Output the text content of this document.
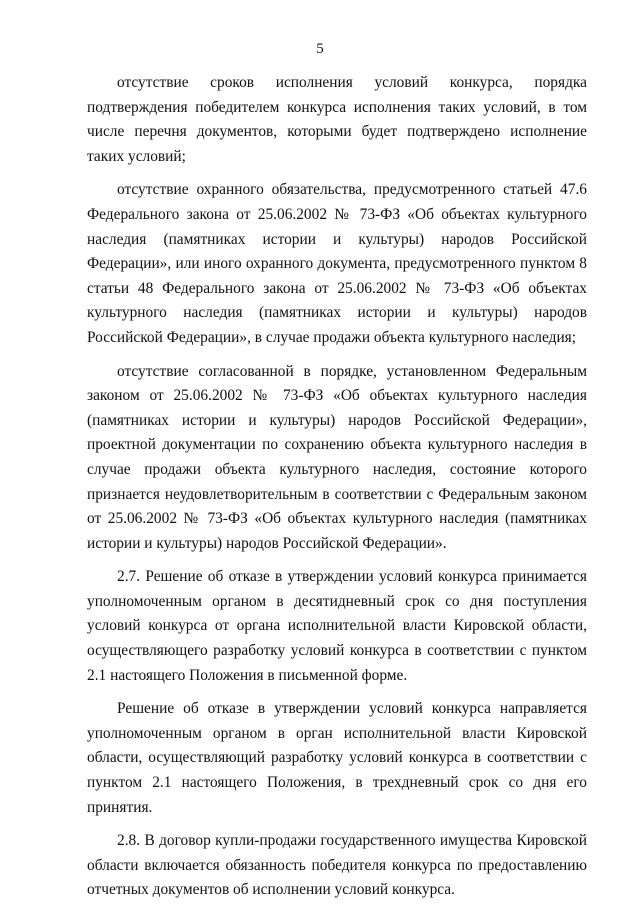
5

отсутствие сроков исполнения условий конкурса, порядка подтверждения победителем конкурса исполнения таких условий, в том числе перечня документов, которыми будет подтверждено исполнение таких условий;

отсутствие охранного обязательства, предусмотренного статьей 47.6 Федерального закона от 25.06.2002 № 73-ФЗ «Об объектах культурного наследия (памятниках истории и культуры) народов Российской Федерации», или иного охранного документа, предусмотренного пунктом 8 статьи 48 Федерального закона от 25.06.2002 № 73-ФЗ «Об объектах культурного наследия (памятниках истории и культуры) народов Российской Федерации», в случае продажи объекта культурного наследия;

отсутствие согласованной в порядке, установленном Федеральным законом от 25.06.2002 № 73-ФЗ «Об объектах культурного наследия (памятниках истории и культуры) народов Российской Федерации», проектной документации по сохранению объекта культурного наследия в случае продажи объекта культурного наследия, состояние которого признается неудовлетворительным в соответствии с Федеральным законом от 25.06.2002 № 73-ФЗ «Об объектах культурного наследия (памятниках истории и культуры) народов Российской Федерации».

2.7. Решение об отказе в утверждении условий конкурса принимается уполномоченным органом в десятидневный срок со дня поступления условий конкурса от органа исполнительной власти Кировской области, осуществляющего разработку условий конкурса в соответствии с пунктом 2.1 настоящего Положения в письменной форме.

Решение об отказе в утверждении условий конкурса направляется уполномоченным органом в орган исполнительной власти Кировской области, осуществляющий разработку условий конкурса в соответствии с пунктом 2.1 настоящего Положения, в трехдневный срок со дня его принятия.

2.8. В договор купли-продажи государственного имущества Кировской области включается обязанность победителя конкурса по предоставлению отчетных документов об исполнении условий конкурса.
